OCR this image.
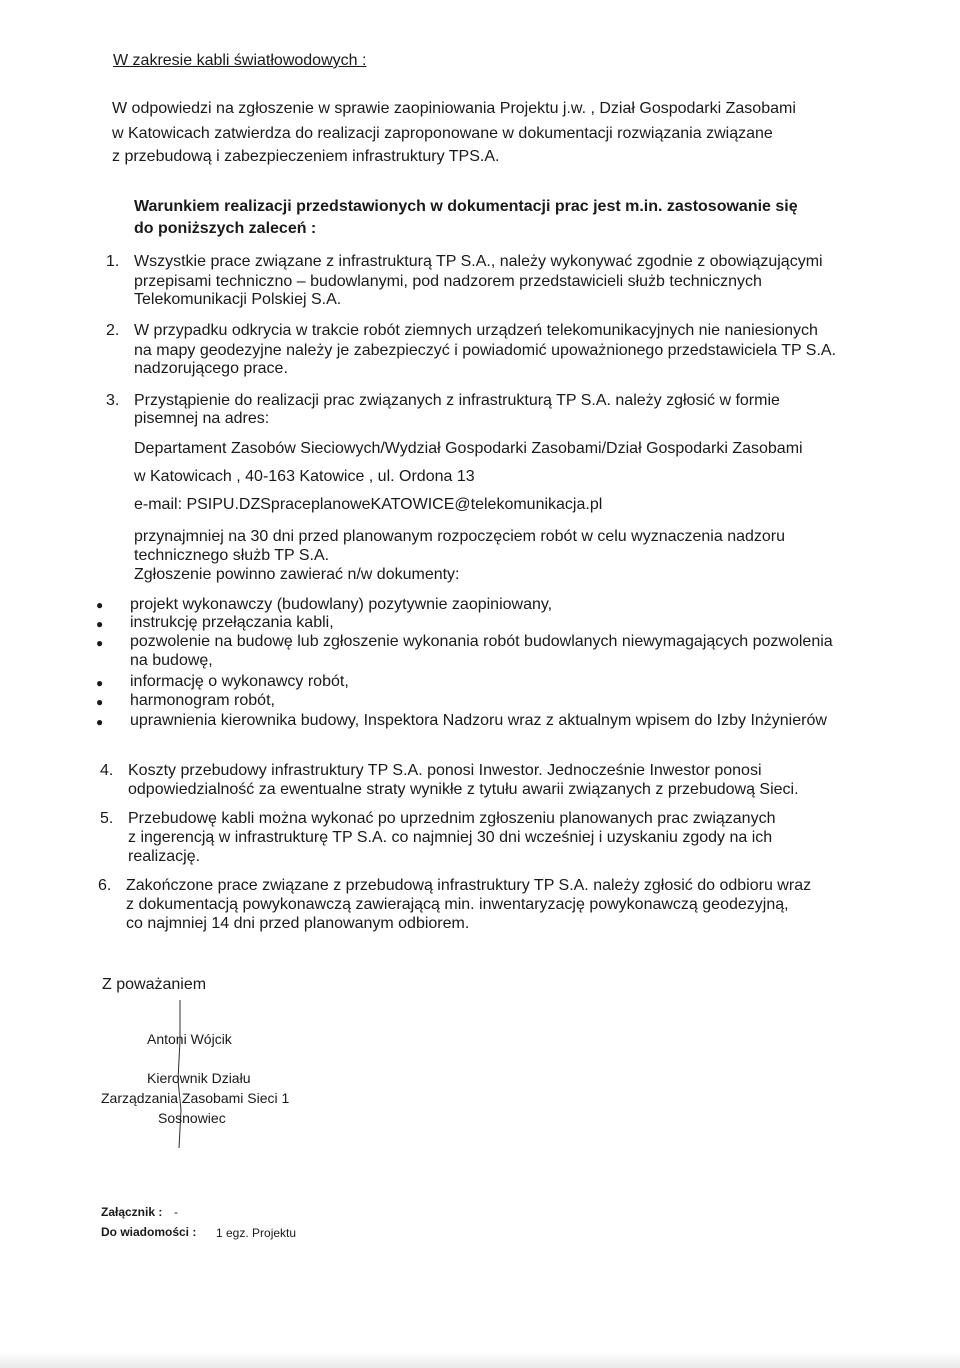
W zakresie kabli światłowodowych :
W odpowiedzi na zgłoszenie w sprawie zaopiniowania Projektu j.w. , Dział Gospodarki Zasobami
w Katowicach zatwierdza do realizacji zaproponowane w dokumentacji rozwiązania związane
z przebudową i zabezpieczeniem infrastruktury TPS.A.
Warunkiem realizacji przedstawionych w dokumentacji prac jest m.in. zastosowanie się
do poniższych zaleceń :
1. Wszystkie prace związane z infrastrukturą TP S.A., należy wykonywać zgodnie z obowiązującymi
przepisami techniczno – budowlanymi, pod nadzorem przedstawicieli służb technicznych
Telekomunikacji Polskiej S.A.
2. W przypadku odkrycia w trakcie robót ziemnych urządzeń telekomunikacyjnych nie naniesionych
na mapy geodezyjne należy je zabezpieczyć i powiadomić upoważnionego przedstawiciela TP S.A.
nadzorującego prace.
3. Przystąpienie do realizacji prac związanych z infrastrukturą TP S.A. należy zgłosić w formie
pisemnej na adres:
Departament Zasobów Sieciowych/Wydział Gospodarki Zasobami/Dział Gospodarki Zasobami
w Katowicach , 40-163 Katowice , ul. Ordona 13
e-mail: PSIPU.DZSpraceplanoweKATOWICE@telekomunikacja.pl
przynajmniej na 30 dni przed planowanym rozpoczęciem robót w celu wyznaczenia nadzoru
technicznego służb TP S.A.
Zgłoszenie powinno zawierać n/w dokumenty:
● projekt wykonawczy (budowlany) pozytywnie zaopiniowany,
● instrukcję przełączania kabli,
● pozwolenie na budowę lub zgłoszenie wykonania robót budowlanych niewymagających pozwolenia
na budowę,
● informację o wykonawcy robót,
● harmonogram robót,
● uprawnienia kierownika budowy, Inspektora Nadzoru wraz z aktualnym wpisem do Izby Inżynierów
4. Koszty przebudowy infrastruktury TP S.A. ponosi Inwestor. Jednocześnie Inwestor ponosi
odpowiedzialność za ewentualne straty wynikłe z tytułu awarii związanych z przebudową Sieci.
5. Przebudowę kabli można wykonać po uprzednim zgłoszeniu planowanych prac związanych
z ingerencją w infrastrukturę TP S.A. co najmniej 30 dni wcześniej i uzyskaniu zgody na ich
realizację.
6. Zakończone prace związane z przebudową infrastruktury TP S.A. należy zgłosić do odbioru wraz
z dokumentacją powykonawczą zawierającą min. inwentaryzację powykonawczą geodezyjną,
co najmniej 14 dni przed planowanym odbiorem.
Z poważaniem
Antoni Wójcik
Kierownik Działu
Zarządzania Zasobami Sieci 1
Sosnowiec
Załącznik : -
Do wiadomości : 1 egz. Projektu
